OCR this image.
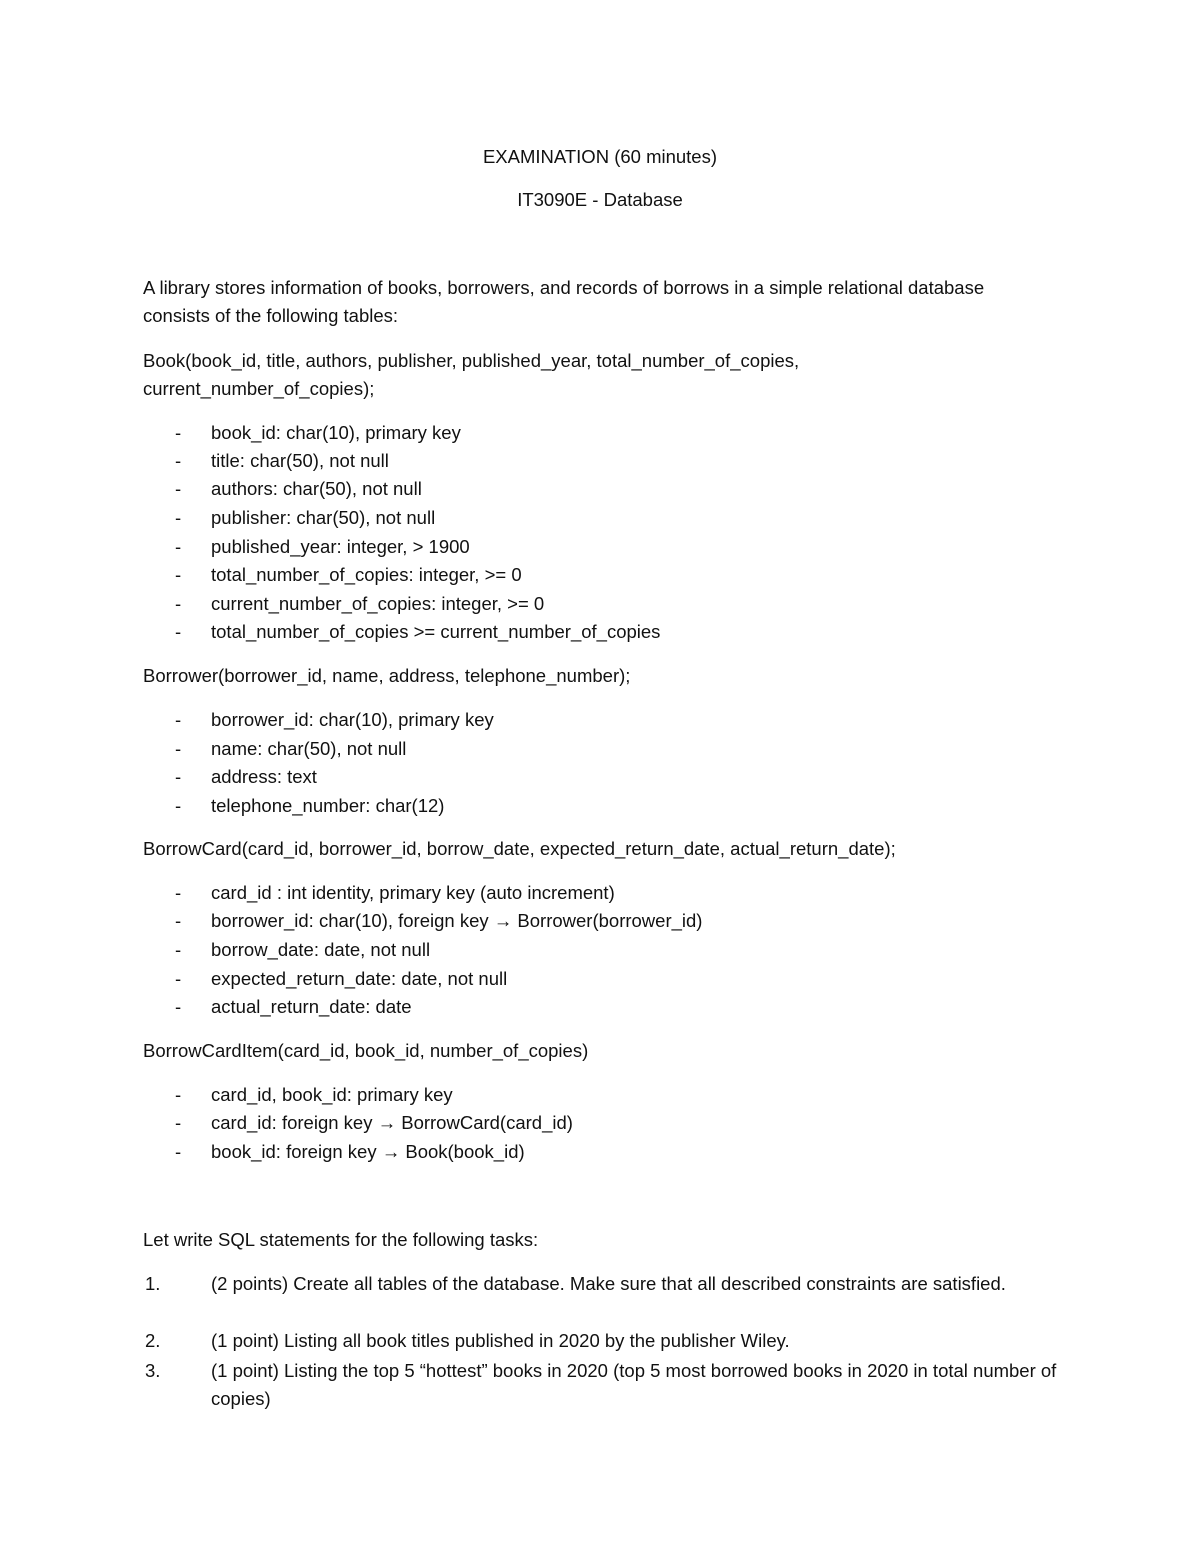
EXAMINATION (60 minutes)
IT3090E - Database
A library stores information of books, borrowers, and records of borrows in a simple relational database
consists of the following tables:
Book(book_id, title, authors, publisher, published_year, total_number_of_copies,
current_number_of_copies);
- book_id: char(10), primary key
- title: char(50), not null
- authors: char(50), not null
- publisher: char(50), not null
- published_year: integer, > 1900
- total_number_of_copies: integer, >= 0
- current_number_of_copies: integer, >= 0
- total_number_of_copies >= current_number_of_copies
Borrower(borrower_id, name, address, telephone_number);
- borrower_id: char(10), primary key
- name: char(50), not null
- address: text
- telephone_number: char(12)
BorrowCard(card_id, borrower_id, borrow_date, expected_return_date, actual_return_date);
- card_id : int identity, primary key (auto increment)
- borrower_id: char(10), foreign key → Borrower(borrower_id)
- borrow_date: date, not null
- expected_return_date: date, not null
- actual_return_date: date
BorrowCardItem(card_id, book_id, number_of_copies)
- card_id, book_id: primary key
- card_id: foreign key → BorrowCard(card_id)
- book_id: foreign key → Book(book_id)
Let write SQL statements for the following tasks:
1.	(2 points) Create all tables of the database. Make sure that all described constraints are satisfied.
2.	(1 point) Listing all book titles published in 2020 by the publisher Wiley.
3.	(1 point) Listing the top 5 “hottest” books in 2020 (top 5 most borrowed books in 2020 in total number of copies)
